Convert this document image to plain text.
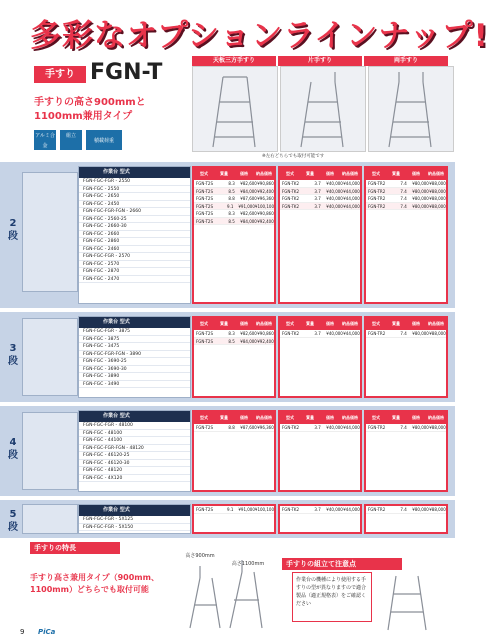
多彩なオプションラインナップ!
手すり FGN-T
手すりの高さ900mmと1100mm兼用タイプ
アルミ合金
組立
積載荷重
天板三方手すり	片手すり	両手すり
※左右どちらでも取付可能です
2段
作業台 型式
FGN-FGC-FGR - 2550
FGN-FGC - 2550
FGN-FGC - 2650
FGN-FGC - 2450
FGN-FGC-FGR-FGN - 2660
FGN-FGC - 2560-25
FGN-FGC - 2660-30
FGN-FGC - 2660
FGN-FGC - 2860
FGN-FGC - 2460
FGN-FGC-FGR - 2570
FGN-FGC - 2570
FGN-FGC - 2870
FGN-FGC - 2470
型式	質量	価格	納品価格
FGN-T2S	8.3	¥82,600 ¥90,860
FGN-T2S	8.5	¥84,000 ¥92,400
FGN-T2S	8.8	¥87,600 ¥96,360
FGN-T2S	9.1	¥91,000 ¥100,100
FGN-T2S	8.3	¥82,600 ¥90,860
FGN-T2S	8.5	¥84,000 ¥92,400
型式	質量	価格	納品価格
FGN-TK2	3.7	¥40,000 ¥44,000
FGN-TK2	3.7	¥40,000 ¥44,000
FGN-TK2	3.7	¥40,000 ¥44,000
FGN-TK2	3.7	¥40,000 ¥44,000
型式	質量	価格	納品価格
FGN-TR2	7.4	¥80,000 ¥88,000
FGN-TR2	7.4	¥80,000 ¥88,000
FGN-TR2	7.4	¥80,000 ¥88,000
FGN-TR2	7.4	¥80,000 ¥88,000
3段
作業台 型式
FGN-FGC-FGR - 3875
FGN-FGC - 3875
FGN-FGC - 3475
FGN-FGC-FGR-FGN - 3890
FGN-FGC - 3690-25
FGN-FGC - 3690-30
FGN-FGC - 3890
FGN-FGC - 3490
型式	質量	価格	納品価格
FGN-T2S	8.3	¥82,600 ¥90,860
FGN-T2S	8.5	¥84,000 ¥92,400
型式	質量	価格	納品価格
FGN-TK2	3.7	¥40,000 ¥44,000
型式	質量	価格	納品価格
FGN-TR2	7.4	¥80,000 ¥88,000
4段
作業台 型式
FGN-FGC-FGR - 48100
FGN-FGC - 48100
FGN-FGC - 44100
FGN-FGC-FGR-FGN - 48120
FGN-FGC - 46120-25
FGN-FGC - 46120-30
FGN-FGC - 48120
FGN-FGC - 4X120
型式	質量	価格	納品価格
FGN-T2S	8.8	¥87,600 ¥96,360
型式	質量	価格	納品価格
FGN-TK2	3.7	¥40,000 ¥44,000
型式	質量	価格	納品価格
FGN-TR2	7.4	¥80,000 ¥88,000
5段
作業台 型式
FGN-FGC-FGR - 5X125
FGN-FGC-FGR - 5X150
FGN-T2S	9.1	¥91,000 ¥100,100	FGN-TK2	3.7	¥40,000 ¥44,000	FGN-TR2	7.4	¥80,000 ¥88,000
手すりの特長
手すり高さ兼用タイプ（900mm、1100mm）どちらでも取付可能
高さ900mm
高さ1100mm	手すりの組立て注意点
作業台の機種により使用する手すりの型が異なりますので適合製品（適正規格表）をご確認ください
9 PiCa
